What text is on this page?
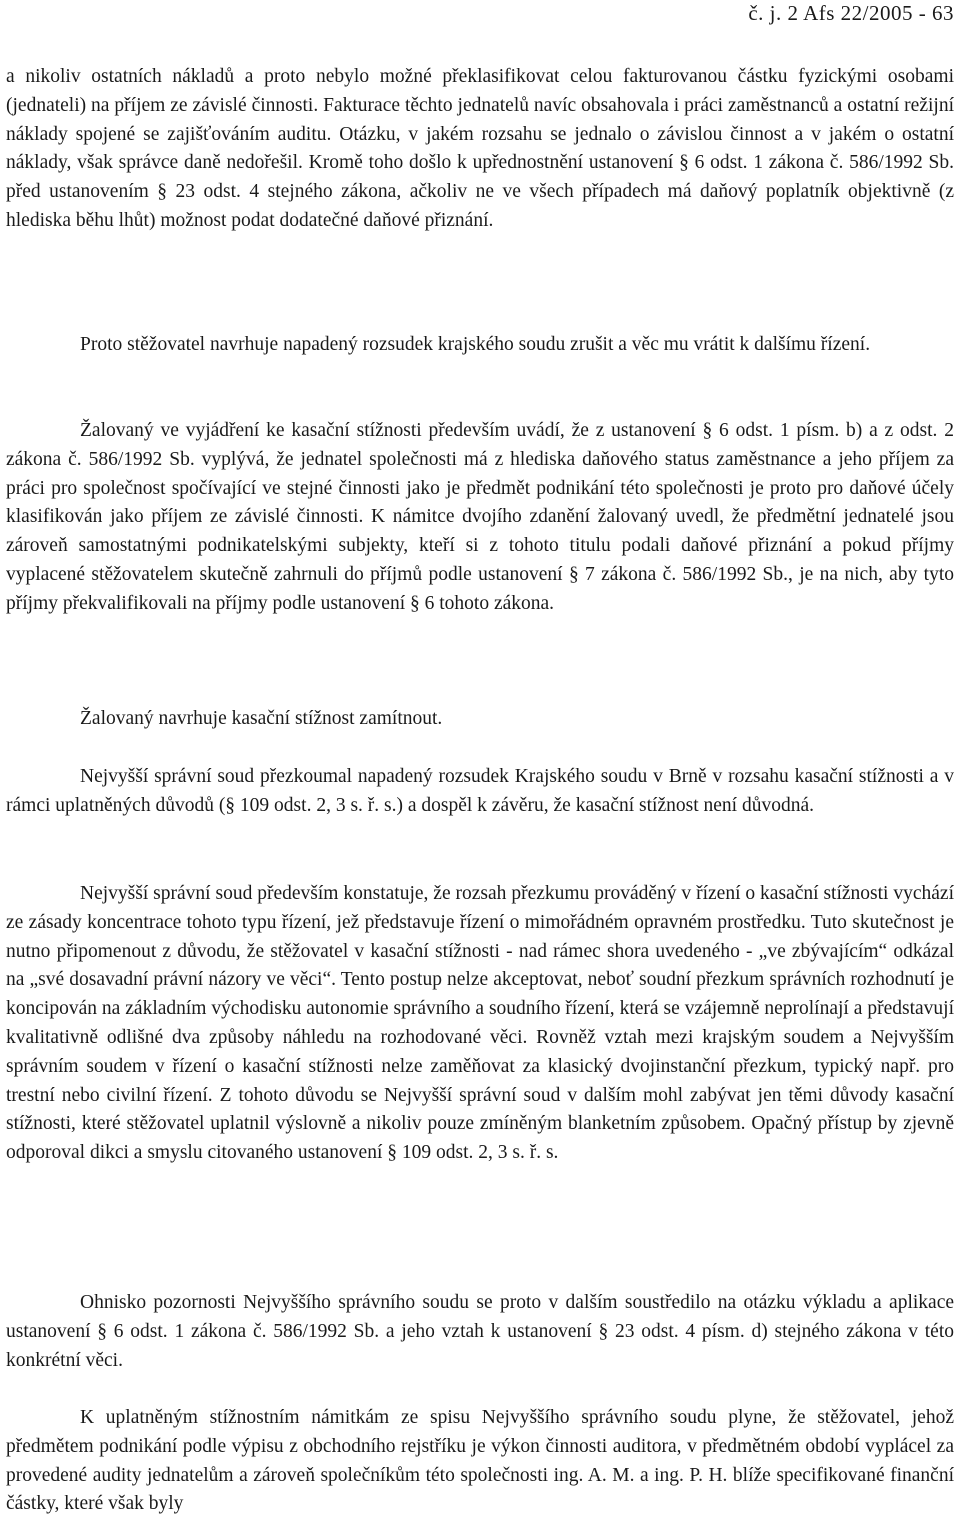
č. j. 2 Afs 22/2005 - 63

a nikoliv ostatních nákladů a proto nebylo možné překlasifikovat celou fakturovanou částku fyzickými osobami (jednateli) na příjem ze závislé činnosti. Fakturace těchto jednatelů navíc obsahovala i práci zaměstnanců a ostatní režijní náklady spojené se zajišťováním auditu. Otázku, v jakém rozsahu se jednalo o závislou činnost a v jakém o ostatní náklady, však správce daně nedořešil. Kromě toho došlo k upřednostnění ustanovení § 6 odst. 1 zákona č. 586/1992 Sb. před ustanovením § 23 odst. 4 stejného zákona, ačkoliv ne ve všech případech má daňový poplatník objektivně (z hlediska běhu lhůt) možnost podat dodatečné daňové přiznání.

Proto stěžovatel navrhuje napadený rozsudek krajského soudu zrušit a věc mu vrátit k dalšímu řízení.

Žalovaný ve vyjádření ke kasační stížnosti především uvádí, že z ustanovení § 6 odst. 1 písm. b) a z odst. 2 zákona č. 586/1992 Sb. vyplývá, že jednatel společnosti má z hlediska daňového status zaměstnance a jeho příjem za práci pro společnost spočívající ve stejné činnosti jako je předmět podnikání této společnosti je proto pro daňové účely klasifikován jako příjem ze závislé činnosti. K námitce dvojího zdanění žalovaný uvedl, že předmětní jednatelé jsou zároveň samostatnými podnikatelskými subjekty, kteří si z tohoto titulu podali daňové přiznání a pokud příjmy vyplacené stěžovatelem skutečně zahrnuli do příjmů podle ustanovení § 7 zákona č. 586/1992 Sb., je na nich, aby tyto příjmy překvalifikovali na příjmy podle ustanovení § 6 tohoto zákona.

Žalovaný navrhuje kasační stížnost zamítnout.

Nejvyšší správní soud přezkoumal napadený rozsudek Krajského soudu v Brně v rozsahu kasační stížnosti a v rámci uplatněných důvodů (§ 109 odst. 2, 3 s. ř. s.) a dospěl k závěru, že kasační stížnost není důvodná.

Nejvyšší správní soud především konstatuje, že rozsah přezkumu prováděný v řízení o kasační stížnosti vychází ze zásady koncentrace tohoto typu řízení, jež představuje řízení o mimořádném opravném prostředku. Tuto skutečnost je nutno připomenout z důvodu, že stěžovatel v kasační stížnosti - nad rámec shora uvedeného - „ve zbývajícím“ odkázal na „své dosavadní právní názory ve věci“. Tento postup nelze akceptovat, neboť soudní přezkum správních rozhodnutí je koncipován na základním východisku autonomie správního a soudního řízení, která se vzájemně neprolínají a představují kvalitativně odlišné dva způsoby náhledu na rozhodované věci. Rovněž vztah mezi krajským soudem a Nejvyšším správním soudem v řízení o kasační stížnosti nelze zaměňovat za klasický dvojinstanční přezkum, typický např. pro trestní nebo civilní řízení. Z tohoto důvodu se Nejvyšší správní soud v dalším mohl zabývat jen těmi důvody kasační stížnosti, které stěžovatel uplatnil výslovně a nikoliv pouze zmíněným blanketním způsobem. Opačný přístup by zjevně odporoval dikci a smyslu citovaného ustanovení § 109 odst. 2, 3 s. ř. s.

Ohnisko pozornosti Nejvyššího správního soudu se proto v dalším soustředilo na otázku výkladu a aplikace ustanovení § 6 odst. 1 zákona č. 586/1992 Sb. a jeho vztah k ustanovení § 23 odst. 4 písm. d) stejného zákona v této konkrétní věci.

K uplatněným stížnostním námitkám ze spisu Nejvyššího správního soudu plyne, že stěžovatel, jehož předmětem podnikání podle výpisu z obchodního rejstříku je výkon činnosti auditora, v předmětném období vyplácel za provedené audity jednatelům a zároveň společníkům této společnosti ing. A. M. a ing. P. H. blíže specifikované finanční částky, které však byly
